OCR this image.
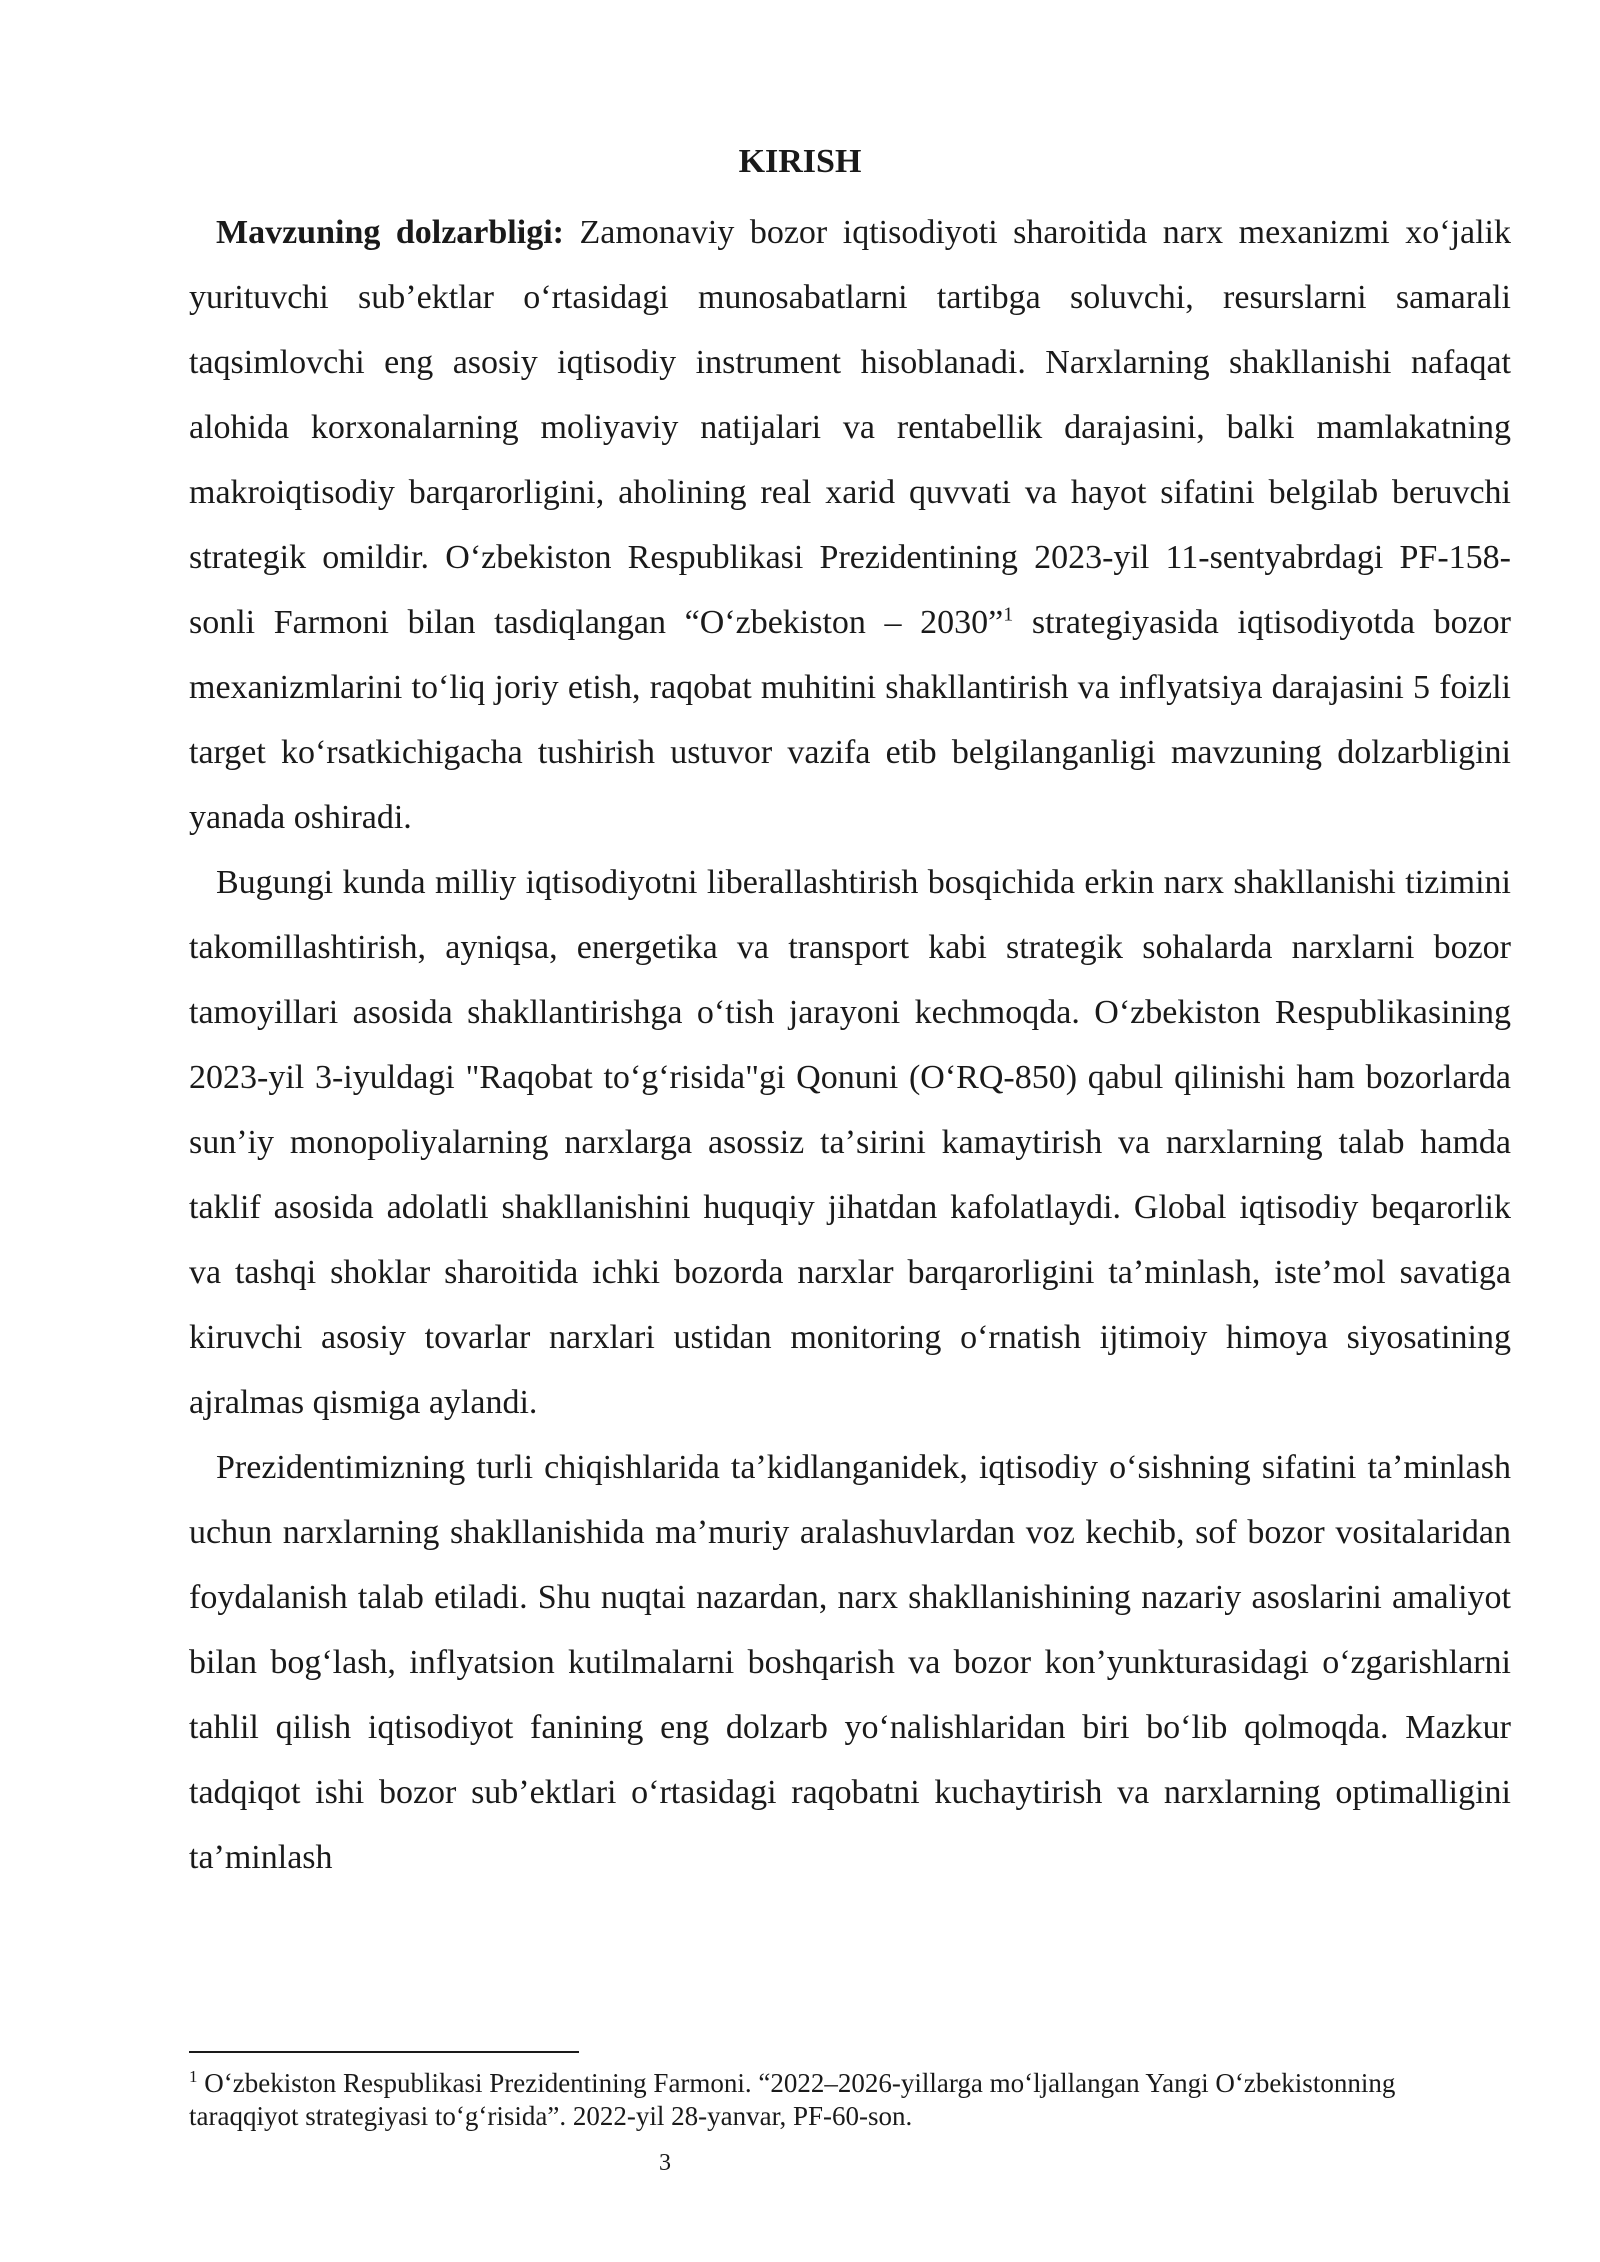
KIRISH

Mavzuning dolzarbligi: Zamonaviy bozor iqtisodiyoti sharoitida narx mexanizmi xoʻjalik yurituvchi subʼektlar oʻrtasidagi munosabatlarni tartibga soluvchi, resurslarni samarali taqsimlovchi eng asosiy iqtisodiy instrument hisoblanadi. Narxlarning shakllanishi nafaqat alohida korxonalarning moliyaviy natijalari va rentabellik darajasini, balki mamlakatning makroiqtisodiy barqarorligini, aholining real xarid quvvati va hayot sifatini belgilab beruvchi strategik omildir. Oʻzbekiston Respublikasi Prezidentining 2023-yil 11-sentyabrdagi PF-158-sonli Farmoni bilan tasdiqlangan “Oʻzbekiston – 2030”$^1$ strategiyasida iqtisodiyotda bozor mexanizmlarini toʻliq joriy etish, raqobat muhitini shakllantirish va inflyatsiya darajasini 5 foizli target koʻrsatkichigacha tushirish ustuvor vazifa etib belgilanganligi mavzuning dolzarbligini yanada oshiradi.

Bugungi kunda milliy iqtisodiyotni liberallashtirish bosqichida erkin narx shakllanishi tizimini takomillashtirish, ayniqsa, energetika va transport kabi strategik sohalarda narxlarni bozor tamoyillari asosida shakllantirishga oʻtish jarayoni kechmoqda. Oʻzbekiston Respublikasining 2023-yil 3-iyuldagi "Raqobat toʻgʻrisida"gi Qonuni (OʻRQ-850) qabul qilinishi ham bozorlarda sunʼiy monopoliyalarning narxlarga asossiz taʼsirini kamaytirish va narxlarning talab hamda taklif asosida adolatli shakllanishini huquqiy jihatdan kafolatlaydi. Global iqtisodiy beqarorlik va tashqi shoklar sharoitida ichki bozorda narxlar barqarorligini taʼminlash, isteʼmol savatiga kiruvchi asosiy tovarlar narxlari ustidan monitoring oʻrnatish ijtimoiy himoya siyosatining ajralmas qismiga aylandi.

Prezidentimizning turli chiqishlarida taʼkidlanganidek, iqtisodiy oʻsishning sifatini taʼminlash uchun narxlarning shakllanishida maʼmuriy aralashuvlardan voz kechib, sof bozor vositalaridan foydalanish talab etiladi. Shu nuqtai nazardan, narx shakllanishining nazariy asoslarini amaliyot bilan bogʻlash, inflyatsion kutilmalarni boshqarish va bozor konʼyunkturasidagi oʻzgarishlarni tahlil qilish iqtisodiyot fanining eng dolzarb yoʻnalishlaridan biri boʻlib qolmoqda. Mazkur tadqiqot ishi bozor subʼektlari oʻrtasidagi raqobatni kuchaytirish va narxlarning optimalligini taʼminlash

$^1$ Oʻzbekiston Respublikasi Prezidentining Farmoni. “2022–2026-yillarga moʻljallangan Yangi Oʻzbekistonning taraqqiyot strategiyasi toʻgʻrisida”. 2022-yil 28-yanvar, PF-60-son.

3
